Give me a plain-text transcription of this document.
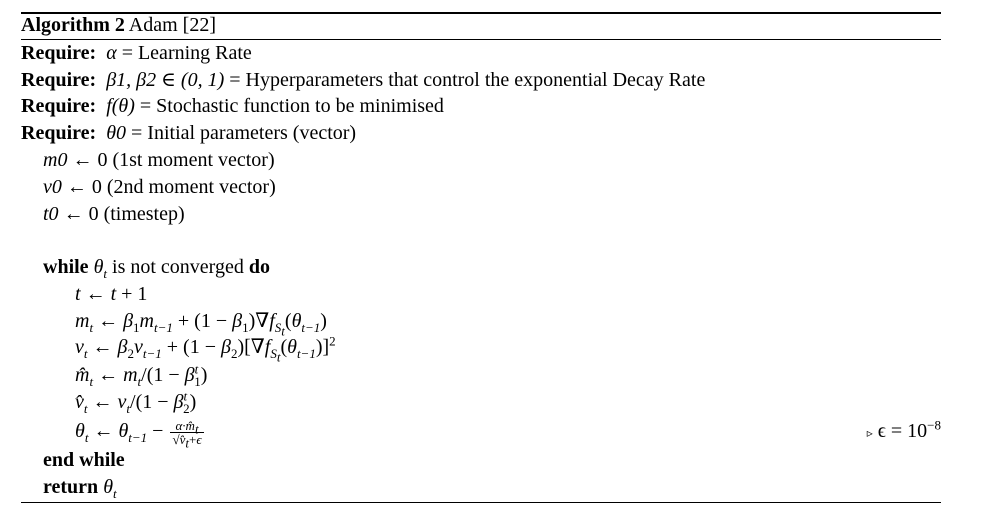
Algorithm 2 Adam [22]
Require: α = Learning Rate
Require: β1, β2 ∈ (0, 1) = Hyperparameters that control the exponential Decay Rate
Require: f(θ) = Stochastic function to be minimised
Require: θ0 = Initial parameters (vector)
m0 ← 0 (1st moment vector)
v0 ← 0 (2nd moment vector)
t0 ← 0 (timestep)
while $\theta_t$ is not converged do
t ← t + 1
$m_t$ ← $\beta_1m_{t-1} + (1 - \beta_1)\nabla f_{S_t}(\theta_{t-1})$
$v_t$ ← $\beta_2v_{t-1} + (1 - \beta_2)[\nabla f_{S_t}(\theta_{t-1})]^2$
$m̂_t$ ← $m_t/(1 - \beta^t_1)$
$v̂_t$ ← $v_t/(1 - \beta^t_2)$
$\theta_t$ ← $\theta_{t-1} - \frac{\alpha\cdot m̂_t}{√v̂_t+\epsilon}$	▹ $\epsilon = 10^{-8}$
end while
return $\theta_t$
